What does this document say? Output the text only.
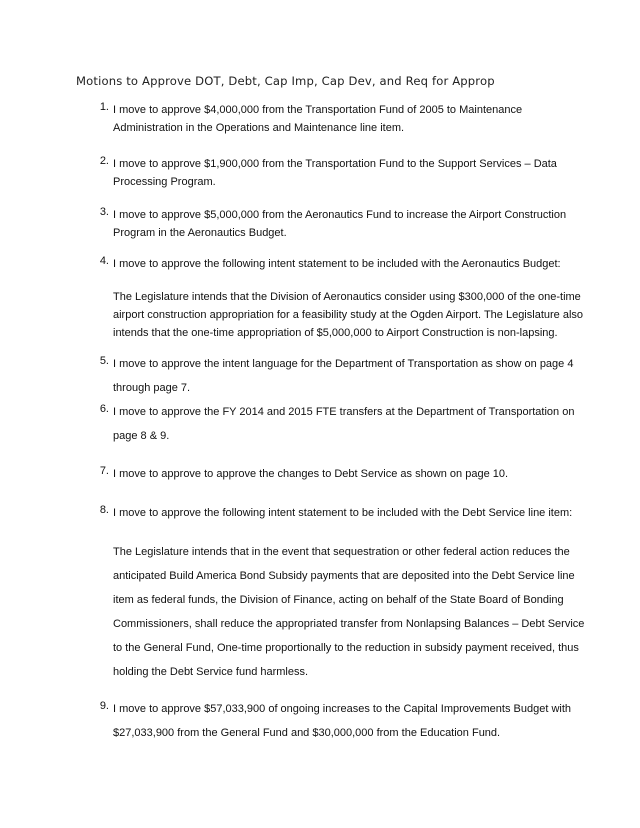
Motions to Approve DOT, Debt, Cap Imp, Cap Dev, and Req for Approp
1. I move to approve $4,000,000 from the Transportation Fund of 2005 to Maintenance
Administration in the Operations and Maintenance line item.
2. I move to approve $1,900,000 from the Transportation Fund to the Support Services – Data
Processing Program.
3. I move to approve $5,000,000 from the Aeronautics Fund to increase the Airport Construction
Program in the Aeronautics Budget.
4. I move to approve the following intent statement to be included with the Aeronautics Budget:
The Legislature intends that the Division of Aeronautics consider using $300,000 of the one-time
airport construction appropriation for a feasibility study at the Ogden Airport. The Legislature also
intends that the one-time appropriation of $5,000,000 to Airport Construction is non-lapsing.
5. I move to approve the intent language for the Department of Transportation as show on page 4
through page 7.
6. I move to approve the FY 2014 and 2015 FTE transfers at the Department of Transportation on
page 8 & 9.
7. I move to approve to approve the changes to Debt Service as shown on page 10.
8. I move to approve the following intent statement to be included with the Debt Service line item:
The Legislature intends that in the event that sequestration or other federal action reduces the
anticipated Build America Bond Subsidy payments that are deposited into the Debt Service line
item as federal funds, the Division of Finance, acting on behalf of the State Board of Bonding
Commissioners, shall reduce the appropriated transfer from Nonlapsing Balances – Debt Service
to the General Fund, One-time proportionally to the reduction in subsidy payment received, thus
holding the Debt Service fund harmless.
9. I move to approve $57,033,900 of ongoing increases to the Capital Improvements Budget with
$27,033,900 from the General Fund and $30,000,000 from the Education Fund.
